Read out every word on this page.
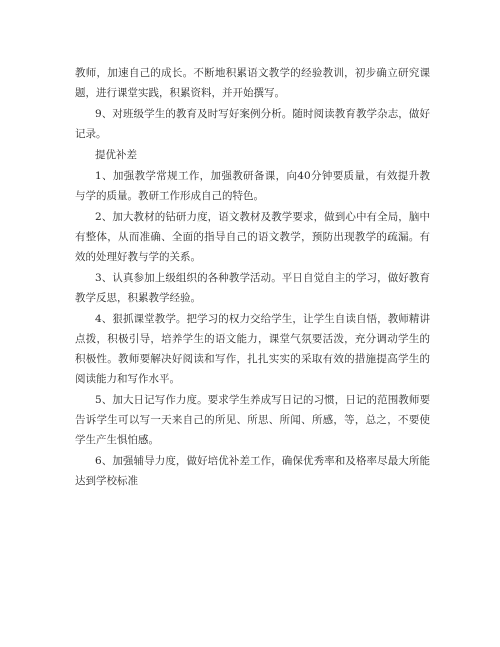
教师，加速自己的成长。不断地积累语文教学的经验教训，初步确立研究课题，进行课堂实践，积累资料，并开始撰写。

9、对班级学生的教育及时写好案例分析。随时阅读教育教学杂志，做好记录。

提优补差

1、加强教学常规工作，加强教研备课，向40分钟要质量，有效提升教与学的质量。教研工作形成自己的特色。

2、加大教材的钻研力度，语文教材及教学要求，做到心中有全局，脑中有整体，从而准确、全面的指导自己的语文教学，预防出现教学的疏漏。有效的处理好教与学的关系。

3、认真参加上级组织的各种教学活动。平日自觉自主的学习，做好教育教学反思，积累教学经验。

4、狠抓课堂教学。把学习的权力交给学生，让学生自读自悟，教师精讲点拨，积极引导，培养学生的语文能力，课堂气氛要活泼，充分调动学生的积极性。教师要解决好阅读和写作，扎扎实实的采取有效的措施提高学生的阅读能力和写作水平。

5、加大日记写作力度。要求学生养成写日记的习惯，日记的范围教师要告诉学生可以写一天来自己的所见、所思、所闻、所感，等，总之，不要使学生产生惧怕感。

6、加强辅导力度，做好培优补差工作，确保优秀率和及格率尽最大所能达到学校标准
